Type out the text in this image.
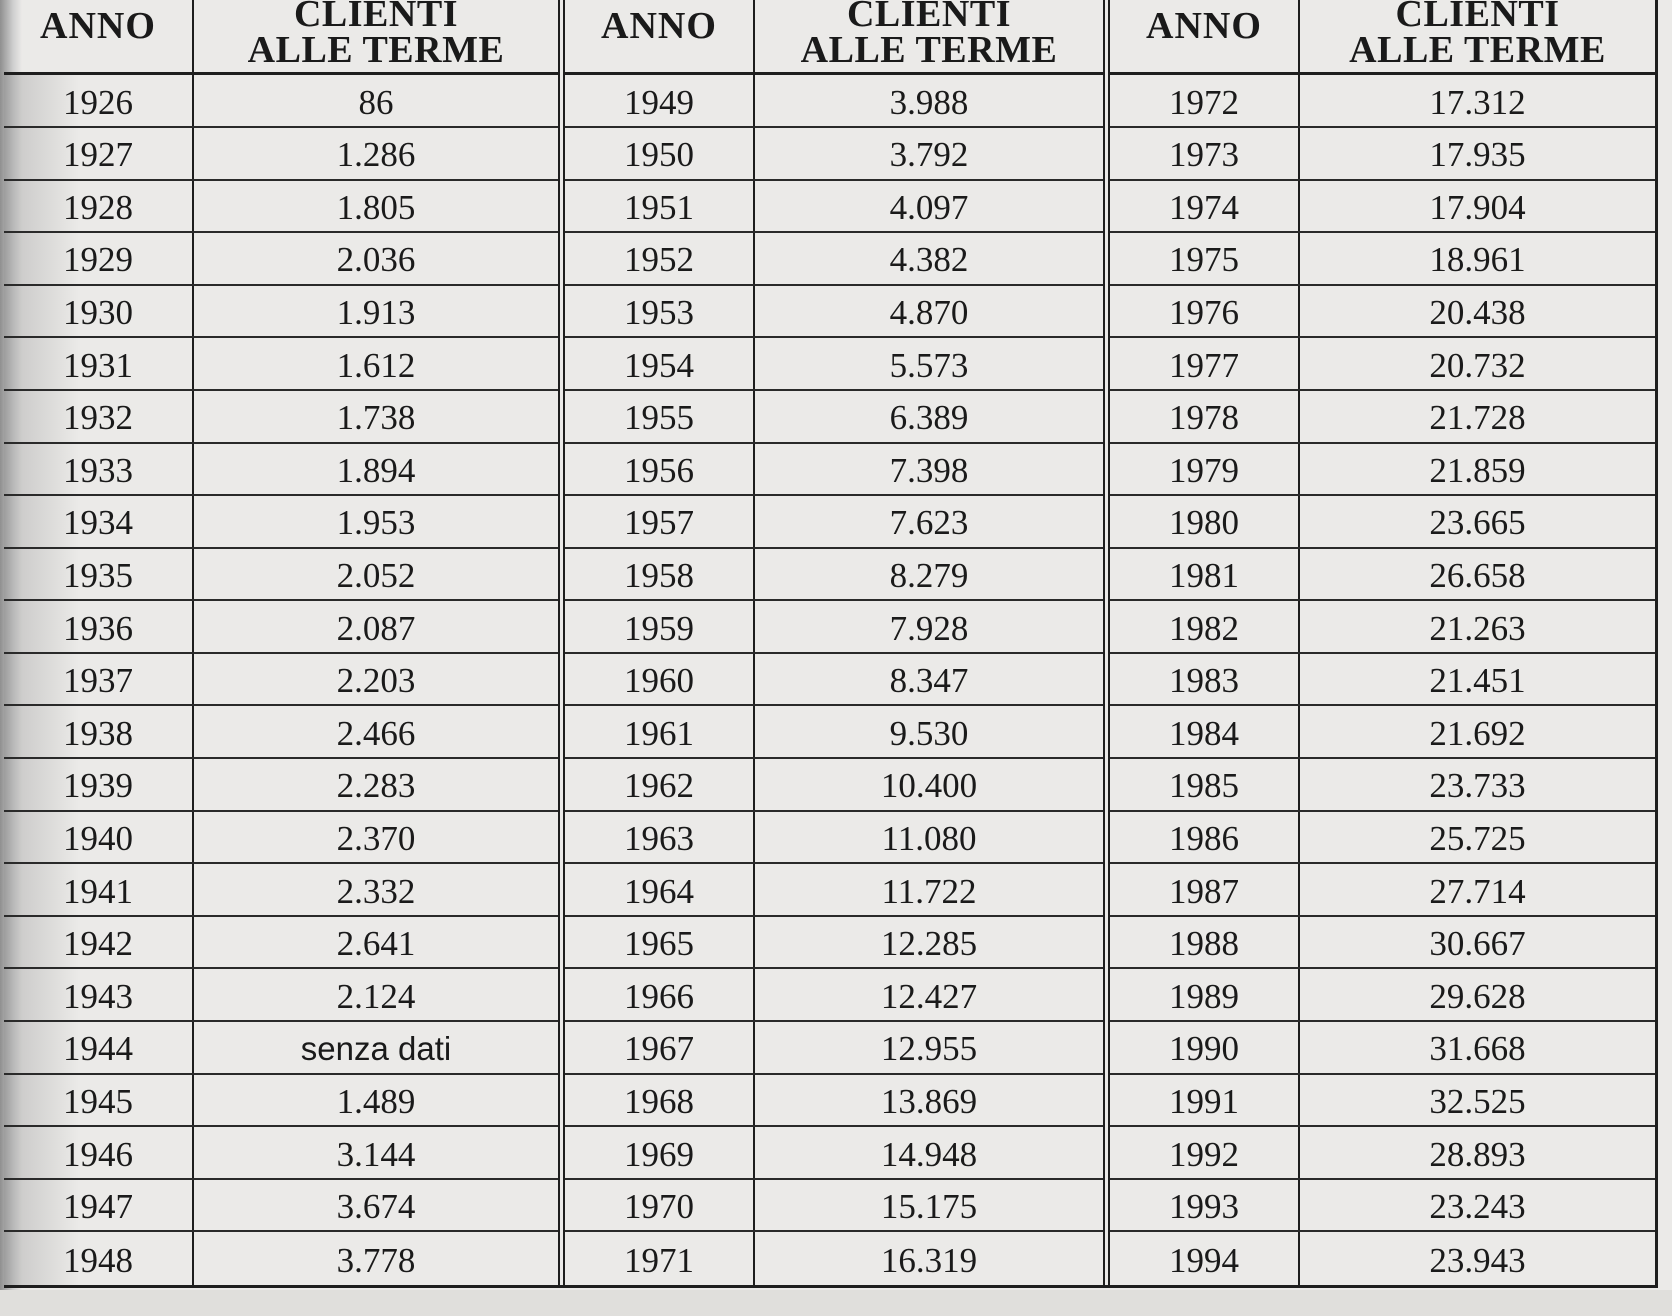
ANNO	CLIENTI
ALLE TERME
1926	86
1927	1.286
1928	1.805
1929	2.036
1930	1.913
1931	1.612
1932	1.738
1933	1.894
1934	1.953
1935	2.052
1936	2.087
1937	2.203
1938	2.466
1939	2.283
1940	2.370
1941	2.332
1942	2.641
1943	2.124
1944	senza dati
1945	1.489
1946	3.144
1947	3.674
1948	3.778
ANNO	CLIENTI
ALLE TERME
1949	3.988
1950	3.792
1951	4.097
1952	4.382
1953	4.870
1954	5.573
1955	6.389
1956	7.398
1957	7.623
1958	8.279
1959	7.928
1960	8.347
1961	9.530
1962	10.400
1963	11.080
1964	11.722
1965	12.285
1966	12.427
1967	12.955
1968	13.869
1969	14.948
1970	15.175
1971	16.319
ANNO	CLIENTI
ALLE TERME
1972	17.312
1973	17.935
1974	17.904
1975	18.961
1976	20.438
1977	20.732
1978	21.728
1979	21.859
1980	23.665
1981	26.658
1982	21.263
1983	21.451
1984	21.692
1985	23.733
1986	25.725
1987	27.714
1988	30.667
1989	29.628
1990	31.668
1991	32.525
1992	28.893
1993	23.243
1994	23.943
